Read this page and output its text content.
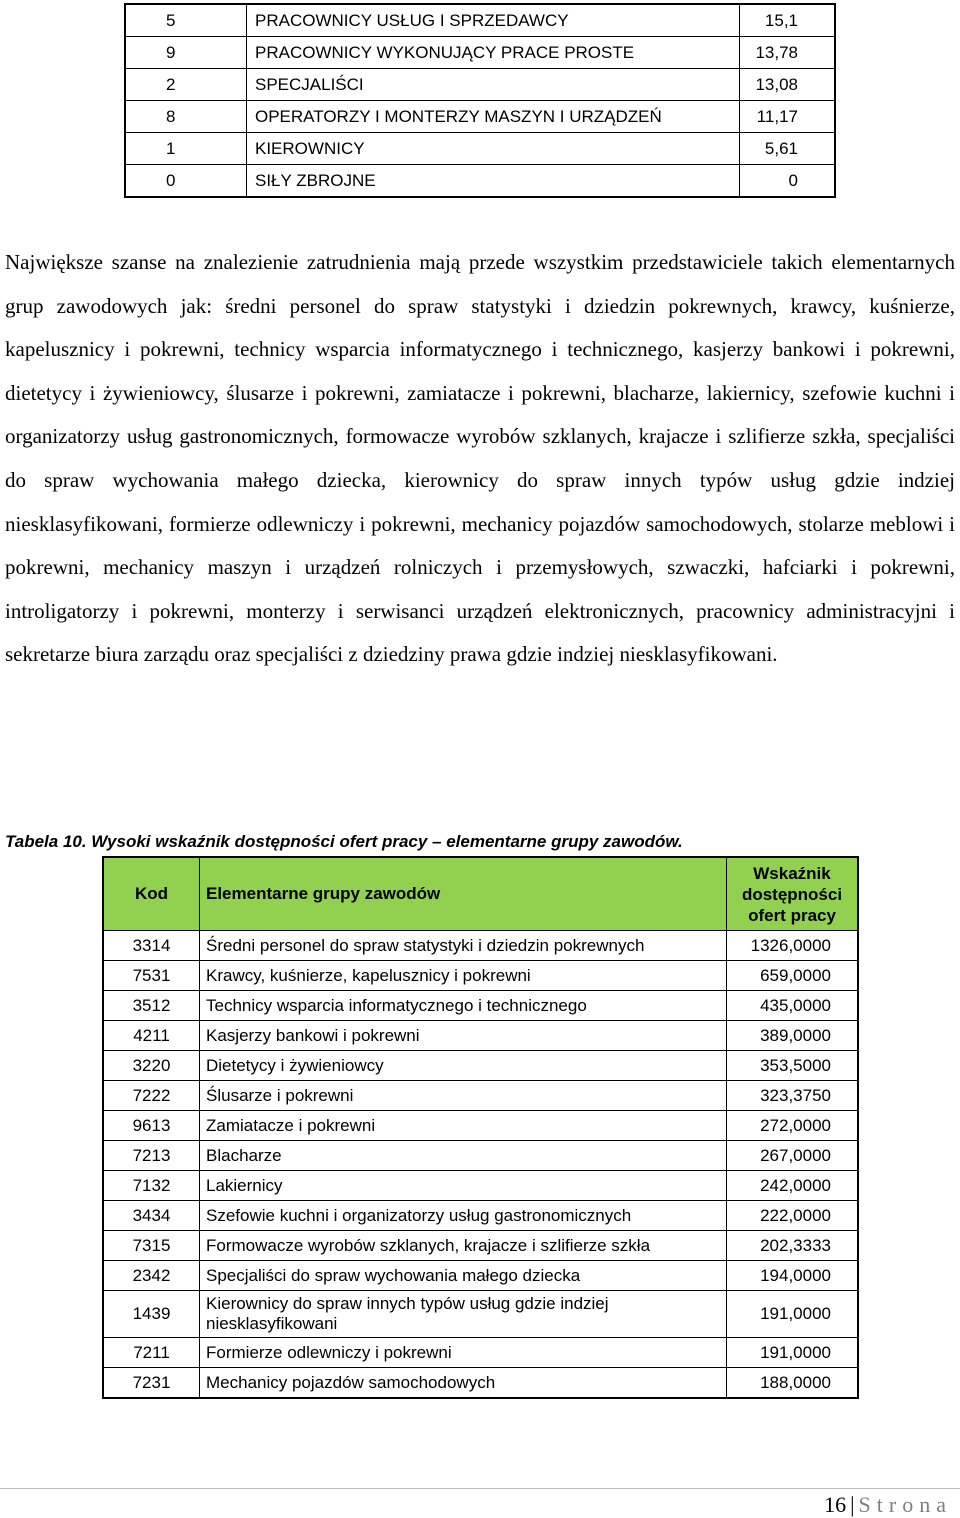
5	PRACOWNICY USŁUG I SPRZEDAWCY	15,1
9	PRACOWNICY WYKONUJĄCY PRACE PROSTE	13,78
2	SPECJALIŚCI	13,08
8	OPERATORZY I MONTERZY MASZYN I URZĄDZEŃ	11,17
1	KIEROWNICY	5,61
0	SIŁY ZBROJNE	0

Największe szanse na znalezienie zatrudnienia mają przede wszystkim przedstawiciele takich elementarnych grup zawodowych jak: średni personel do spraw statystyki i dziedzin pokrewnych, krawcy, kuśnierze, kapelusznicy i pokrewni, technicy wsparcia informatycznego i technicznego, kasjerzy bankowi i pokrewni, dietetycy i żywieniowcy, ślusarze i pokrewni, zamiatacze i pokrewni, blacharze, lakiernicy, szefowie kuchni i organizatorzy usług gastronomicznych, formowacze wyrobów szklanych, krajacze i szlifierze szkła, specjaliści do spraw wychowania małego dziecka, kierownicy do spraw innych typów usług gdzie indziej niesklasyfikowani, formierze odlewniczy i pokrewni, mechanicy pojazdów samochodowych, stolarze meblowi i pokrewni, mechanicy maszyn i urządzeń rolniczych i przemysłowych, szwaczki, hafciarki i pokrewni, introligatorzy i pokrewni, monterzy i serwisanci urządzeń elektronicznych, pracownicy administracyjni i sekretarze biura zarządu oraz specjaliści z dziedziny prawa gdzie indziej niesklasyfikowani.

Tabela 10. Wysoki wskaźnik dostępności ofert pracy – elementarne grupy zawodów.

Kod	Elementarne grupy zawodów	Wskaźnik
dostępności
ofert pracy
3314	Średni personel do spraw statystyki i dziedzin pokrewnych	1326,0000
7531	Krawcy, kuśnierze, kapelusznicy i pokrewni	659,0000
3512	Technicy wsparcia informatycznego i technicznego	435,0000
4211	Kasjerzy bankowi i pokrewni	389,0000
3220	Dietetycy i żywieniowcy	353,5000
7222	Ślusarze i pokrewni	323,3750
9613	Zamiatacze i pokrewni	272,0000
7213	Blacharze	267,0000
7132	Lakiernicy	242,0000
3434	Szefowie kuchni i organizatorzy usług gastronomicznych	222,0000
7315	Formowacze wyrobów szklanych, krajacze i szlifierze szkła	202,3333
2342	Specjaliści do spraw wychowania małego dziecka	194,0000
1439	Kierownicy do spraw innych typów usług gdzie indziej niesklasyfikowani	191,0000
7211	Formierze odlewniczy i pokrewni	191,0000
7231	Mechanicy pojazdów samochodowych	188,0000
16 | Strona
